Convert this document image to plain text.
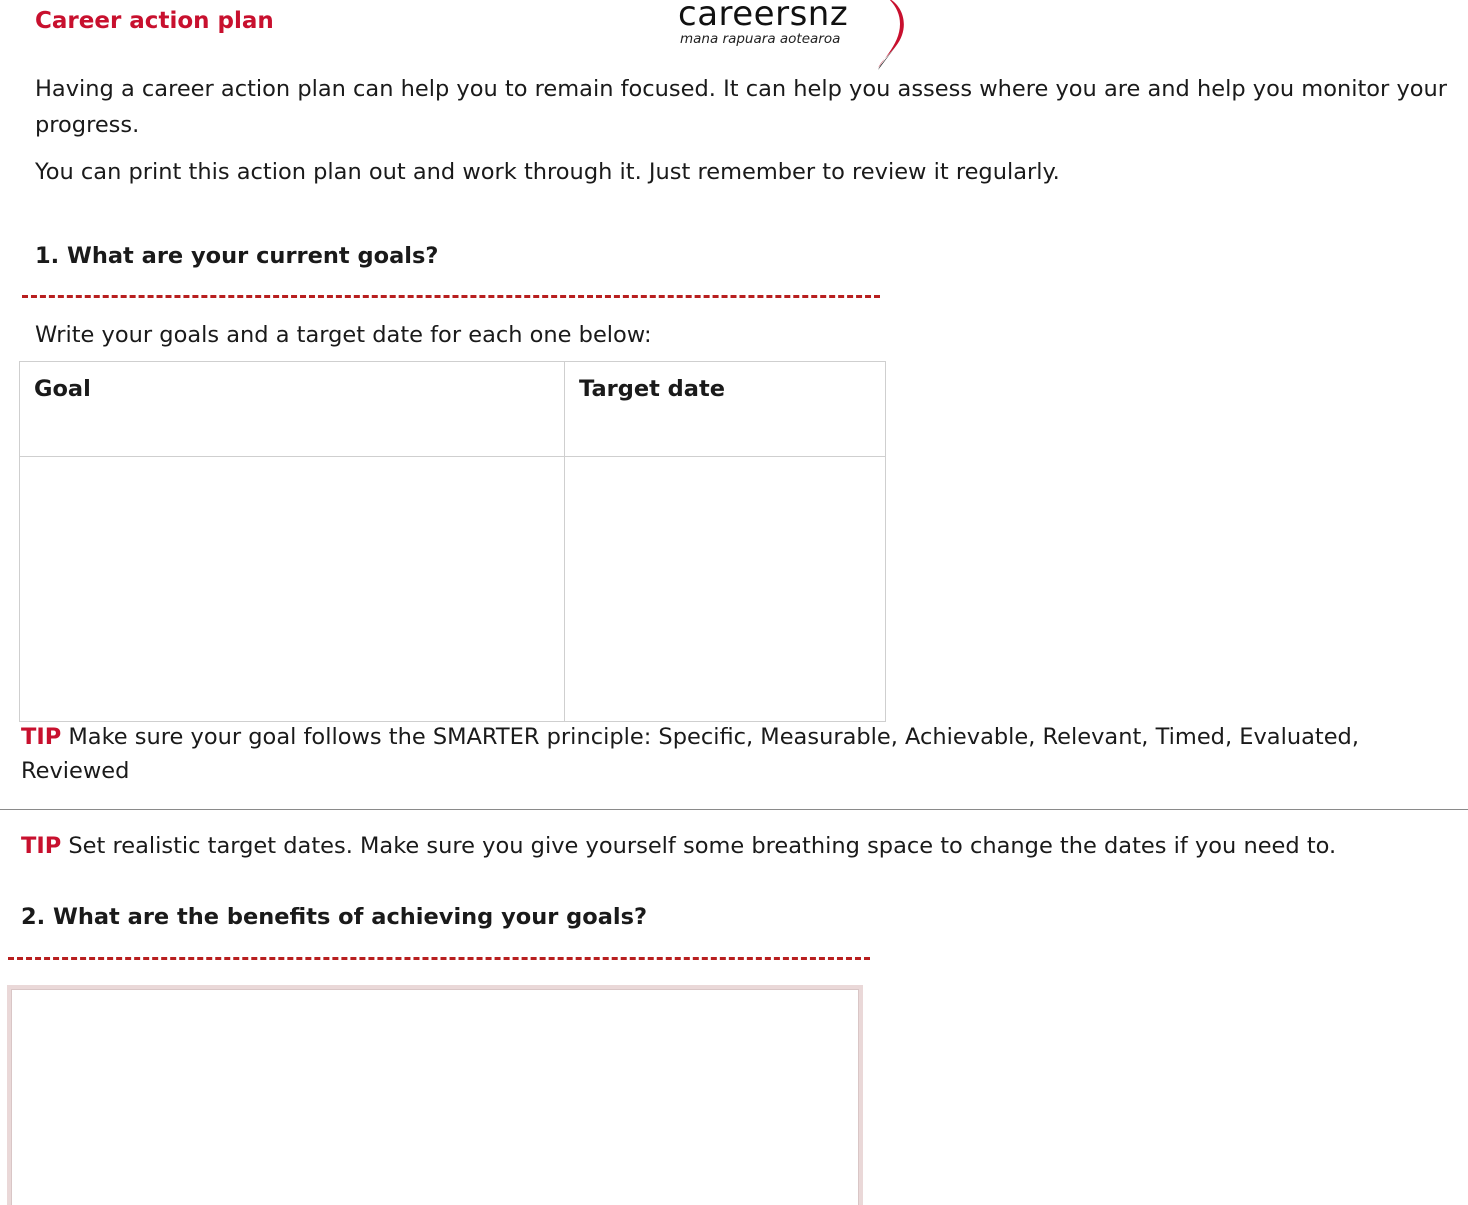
Career action plan	careersnz
mana rapuara aotearoa
Having a career action plan can help you to remain focused. It can help you assess where you are and help you monitor your progress.
You can print this action plan out and work through it. Just remember to review it regularly.
1. What are your current goals?
Write your goals and a target date for each one below:
Goal	Target date

TIP Make sure your goal follows the SMARTER principle: Specific, Measurable, Achievable, Relevant, Timed, Evaluated, Reviewed
TIP Set realistic target dates. Make sure you give yourself some breathing space to change the dates if you need to.
2. What are the benefits of achieving your goals?
